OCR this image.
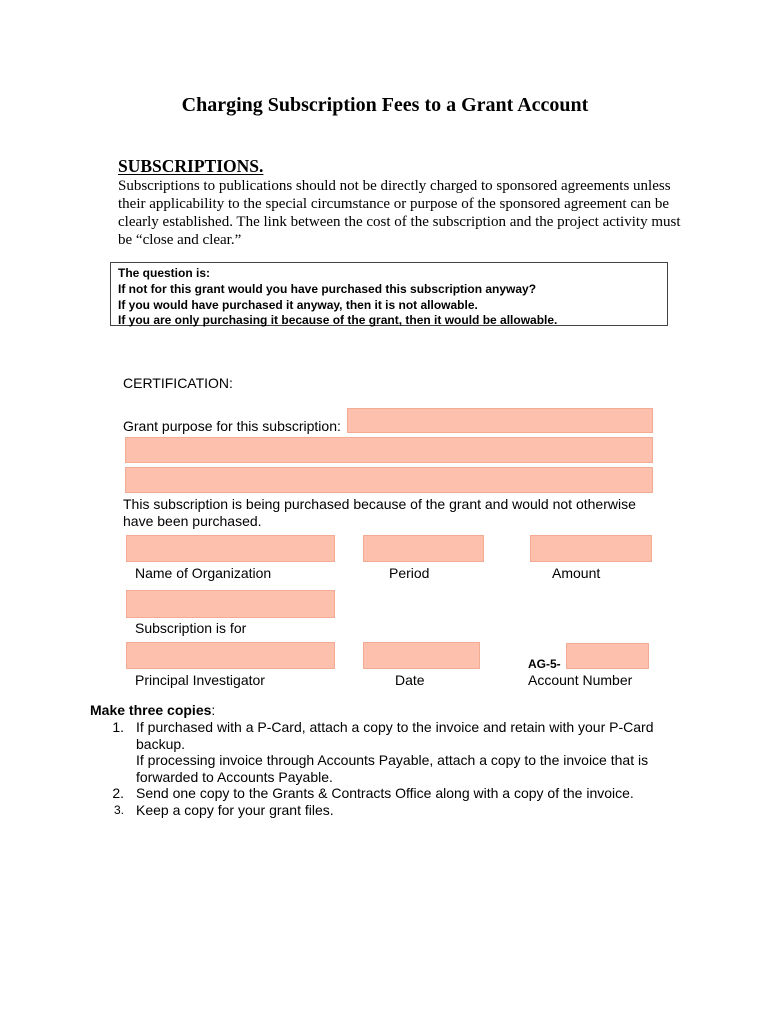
Charging Subscription Fees to a Grant Account
SUBSCRIPTIONS.
Subscriptions to publications should not be directly charged to sponsored agreements unless their applicability to the special circumstance or purpose of the sponsored agreement can be clearly established. The link between the cost of the subscription and the project activity must be “close and clear.”
The question is:
If not for this grant would you have purchased this subscription anyway?
If you would have purchased it anyway, then it is not allowable.
If you are only purchasing it because of the grant, then it would be allowable.
CERTIFICATION:
Grant purpose for this subscription:
This subscription is being purchased because of the grant and would not otherwise have been purchased.
Name of Organization	Period	Amount
Subscription is for
AG-5-
Principal Investigator	Date	Account Number
Make three copies:
1. If purchased with a P-Card, attach a copy to the invoice and retain with your P-Card backup.
If processing invoice through Accounts Payable, attach a copy to the invoice that is forwarded to Accounts Payable.
2. Send one copy to the Grants & Contracts Office along with a copy of the invoice.
3. Keep a copy for your grant files.
